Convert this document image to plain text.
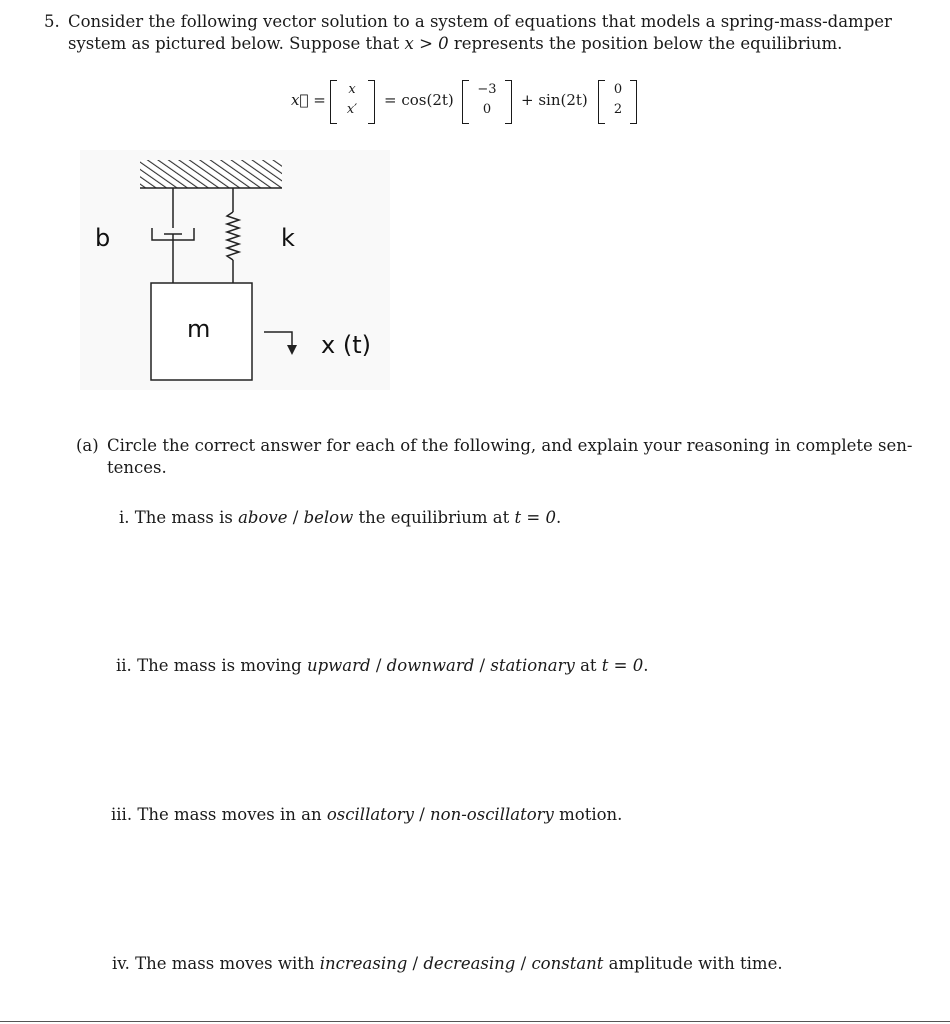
5. Consider the following vector solution to a system of equations that models a spring-mass-damper
system as pictured below. Suppose that x > 0 represents the position below the equilibrium.
x⃗ =
x
x′
= cos(2t)
−3
0
+ sin(2t)
0
2
b	k
m
x (t)
(a) Circle the correct answer for each of the following, and explain your reasoning in complete sen-
tences.
i. The mass is above / below the equilibrium at t = 0.
ii. The mass is moving upward / downward / stationary at t = 0.
iii. The mass moves in an oscillatory / non-oscillatory motion.
iv. The mass moves with increasing / decreasing / constant amplitude with time.
